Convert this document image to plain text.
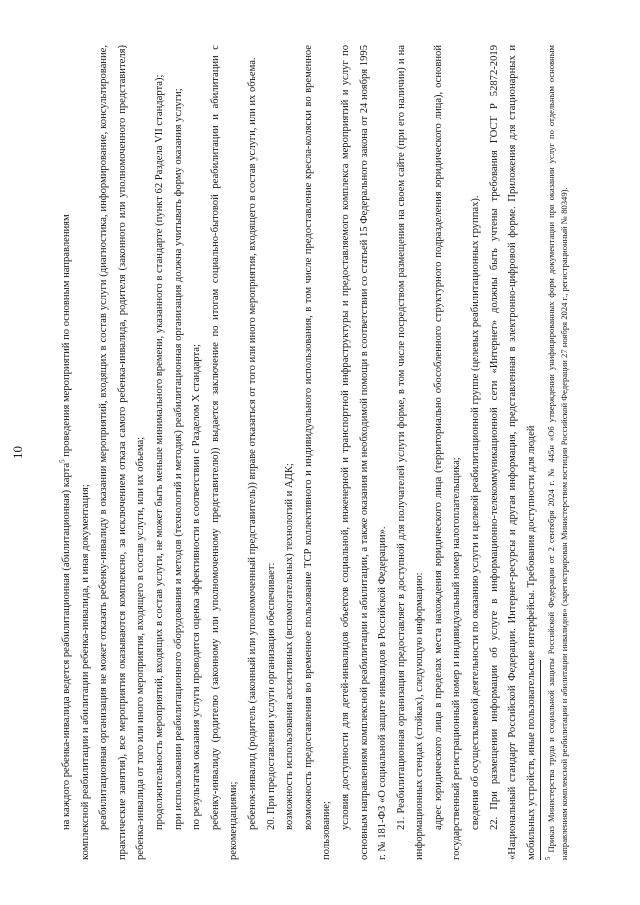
10

на каждого ребенка-инвалида ведется реабилитационная (абилитационная) карта$^5$ проведения мероприятий по основным направлениям

комплексной реабилитации и абилитации ребенка-инвалида, и иная документация; реабилитационная организация не может отказать ребенку-инвалиду в оказании мероприятий, входящих в состав услуги (диагностика, информирование, консультирование, практические занятия), все мероприятия оказываются комплексно, за исключением отказа самого ребенка-инвалида, родителя (законного или уполномоченного представителя) ребенка-инвалида от того или иного мероприятия, входящего в состав услуги, или их объема; продолжительность мероприятий, входящих в состав услуги, не может быть меньше минимального времени, указанного в стандарте (пункт 62 Раздела VII стандарта); при использовании реабилитационного оборудования и методов (технологий и методик) реабилитационная организация должна учитывать форму оказания услуги; по результатам оказания услуги проводится оценка эффективности в соответствии с Разделом X стандарта; ребенку-инвалиду (родителю (законному или уполномоченному представителю)) выдается заключение по итогам социально-бытовой реабилитации и абилитации с рекомендациями; ребенок-инвалид (родитель (законный или уполномоченный представитель)) вправе отказаться от того или иного мероприятия, входящего в состав услуги, или их объема. 20. При предоставлении услуги организация обеспечивает: возможность использования ассистивных (вспомогательных) технологий и АДК; возможность предоставления во временное пользование ТСР коллективного и индивидуального использования, в том числе предоставление кресла-коляски во временное пользование;

условия доступности для детей-инвалидов объектов социальной, инженерной и транспортной инфраструктуры и предоставляемого комплекса мероприятий и услуг по основным направлениям комплексной реабилитации и абилитации, а также оказания им необходимой помощи в соответствии со статьей 15 Федерального закона от 24 ноября 1995 г. № 181-ФЗ «О социальной защите инвалидов в Российской Федерации». 21. Реабилитационная организация предоставляет в доступной для получателей услуги форме, в том числе посредством размещения на своем сайте (при его наличии) и на информационных стендах (стойках), следующую информацию: адрес юридического лица в пределах места нахождения юридического лица (территориально обособленного структурного подразделения юридического лица), основной государственный регистрационный номер и индивидуальный номер налогоплательщика; сведения об осуществляемой деятельности по оказанию услуги и целевой реабилитационной группе (целевых реабилитационных группах). 22. При размещении информации об услуге в информационно-телекоммуникационной сети «Интернет» должны быть учтены требования ГОСТ Р 52872-2019 «Национальный стандарт Российской Федерации. Интернет-ресурсы и другая информация, представленная в электронно-цифровой форме. Приложения для стационарных и мобильных устройств, иные пользовательские интерфейсы. Требования доступности для людей	$^5$ Приказ Министерства труда и социальной защиты Российской Федерации от 2 сентября 2024 г. № 445н «Об утверждении унифицированных форм документации при оказании услуг по отдельным основным направлениям комплексной реабилитации и абилитации инвалидов» (зарегистрирован Министерством юстиции Российской Федерации 27 ноября 2024 г., регистрационный № 80349).
